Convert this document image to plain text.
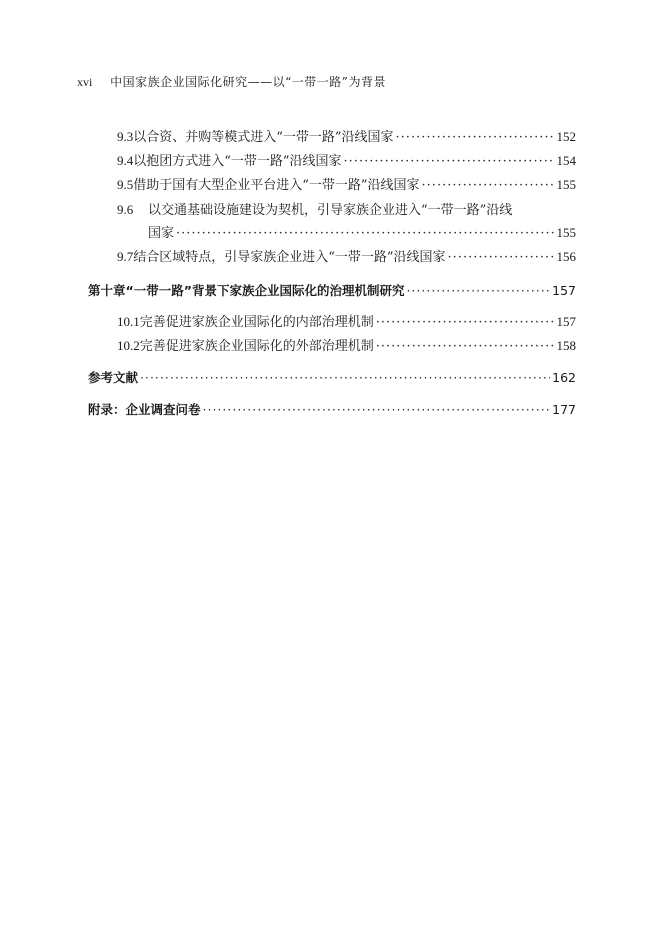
xvi 中国家族企业国际化研究——以“一带一路”为背景
9.3 以合资、并购等模式进入“一带一路”沿线国家 ·····	152
9.4 以抱团方式进入“一带一路”沿线国家 ·····	154
9.5 借助于国有大型企业平台进入“一带一路”沿线国家 ·····	155
9.6	以交通基础设施建设为契机，引导家族企业进入“一带一路”沿线
国家 ·····	155
9.7 结合区域特点，引导家族企业进入“一带一路”沿线国家 ·····	156
第十章 “一带一路”背景下家族企业国际化的治理机制研究 ·····	157
10.1 完善促进家族企业国际化的内部治理机制 ·····	157
10.2 完善促进家族企业国际化的外部治理机制 ·····	158
参考文献 ·····	162
附录：企业调查问卷 ·····	177
